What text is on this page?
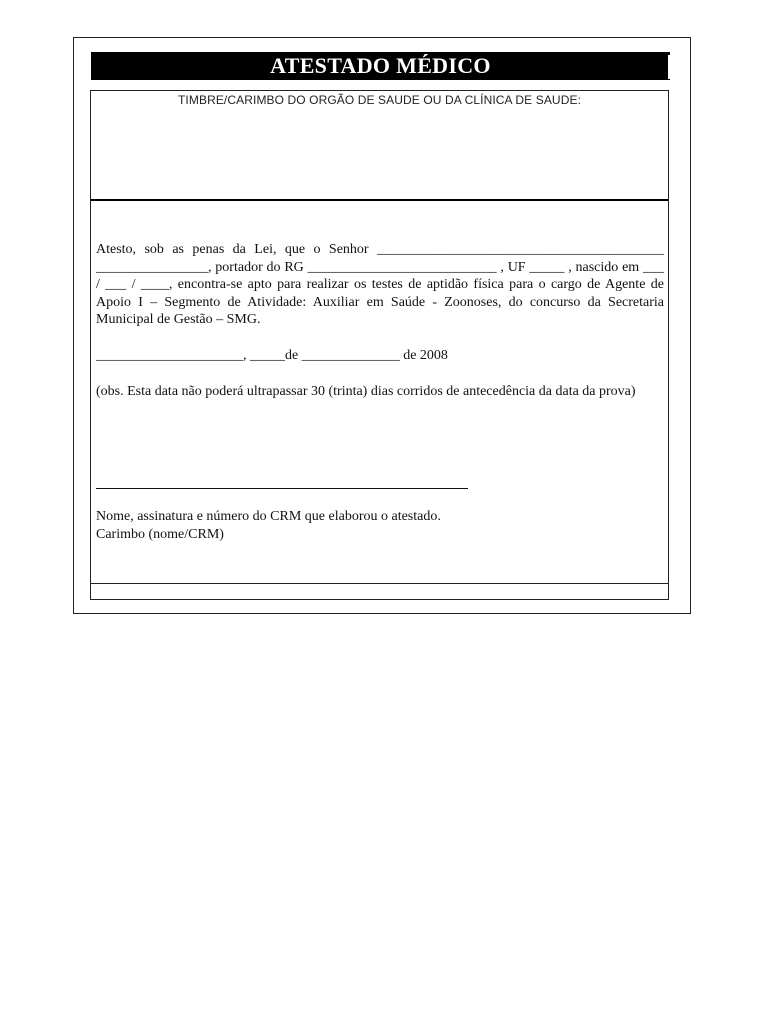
ATESTADO MÉDICO
TIMBRE/CARIMBO DO ORGÃO DE SAUDE OU DA CLÍNICA DE SAUDE:
Atesto, sob as penas da Lei, que o Senhor _________________________________________ ________________, portador do RG ___________________________ , UF _____ , nascido em ___ / ___ / ____, encontra-se apto para realizar os testes de aptidão física para o cargo de Agente de Apoio I – Segmento de Atividade: Auxiliar em Saúde - Zoonoses, do concurso da Secretaria Municipal de Gestão – SMG.
_____________________, _____de ______________ de 2008
(obs. Esta data não poderá ultrapassar 30 (trinta) dias corridos de antecedência da data da prova)
Nome, assinatura e número do CRM que elaborou o atestado.
Carimbo (nome/CRM)
